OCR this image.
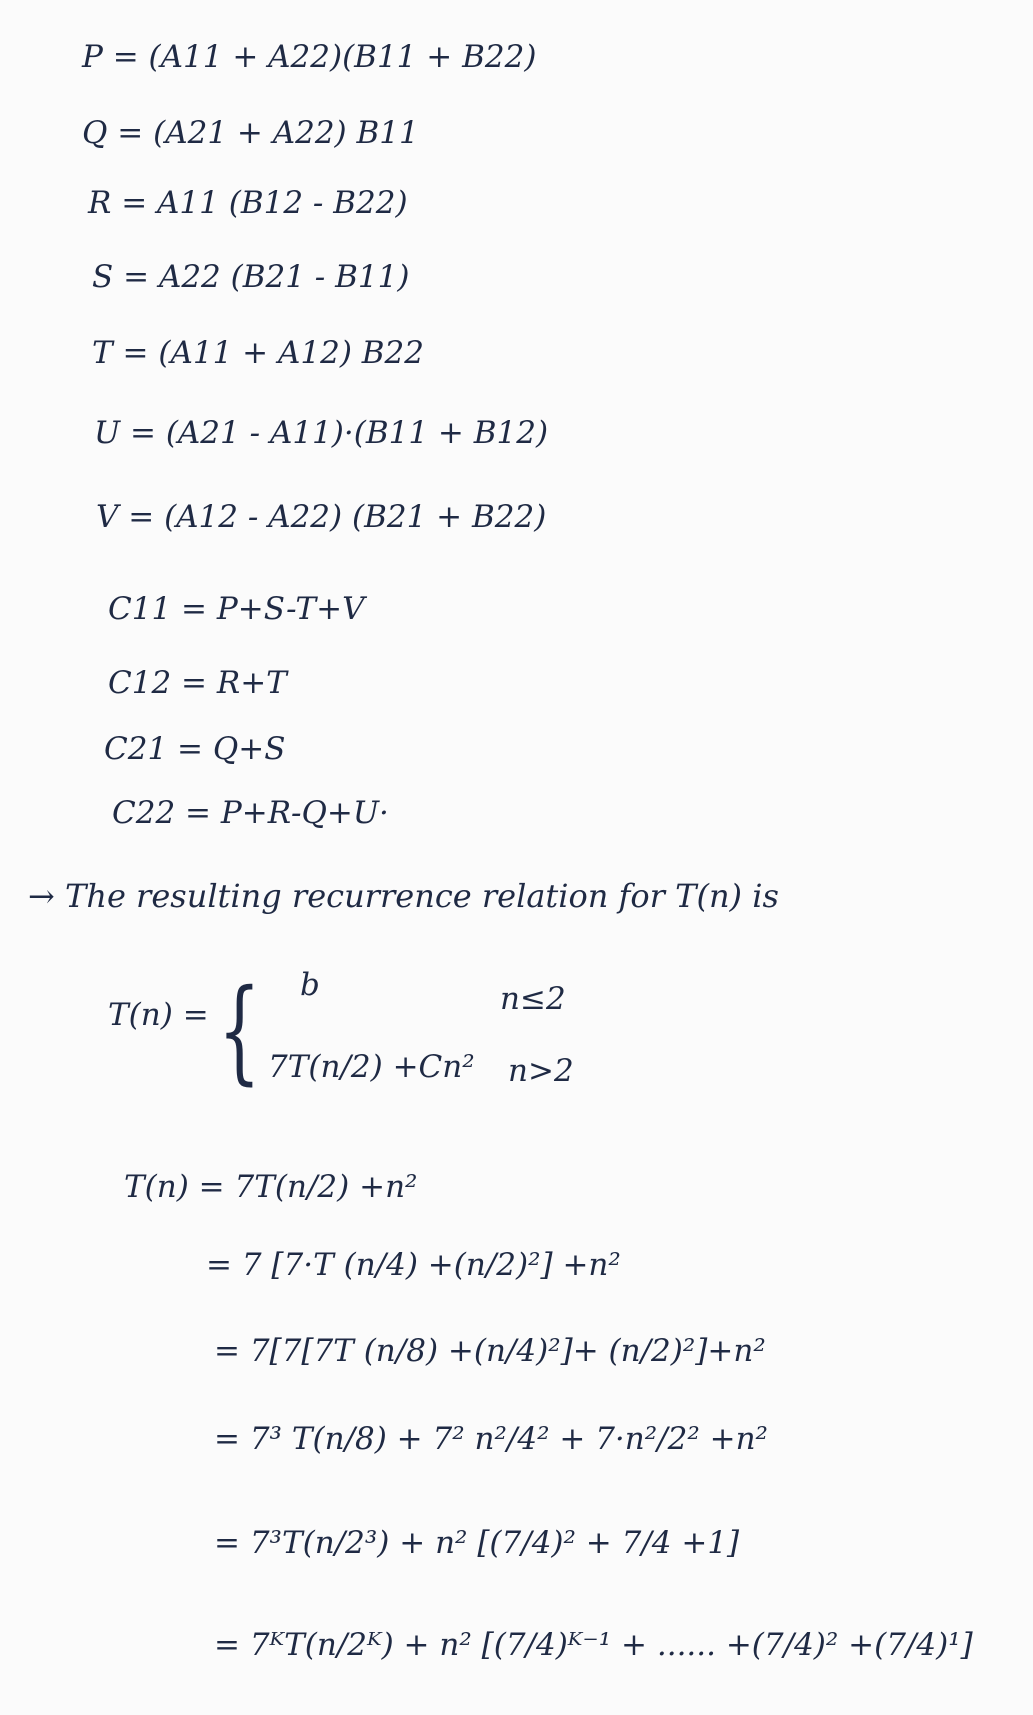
P = (A11 + A22)(B11 + B22)
Q = (A21 + A22) B11
R = A11 (B12 - B22)
S = A22 (B21 - B11)
T = (A11 + A12) B22
U = (A21 - A11)·(B11 + B12)
V = (A12 - A22) (B21 + B22)
C11 = P+S-T+V
C12 = R+T
C21 = Q+S
C22 = P+R-Q+U·
→ The resulting recurrence relation for T(n) is
T(n) = { b	n≤2
7T(n/2) +Cn² n>2
T(n) = 7T(n/2) +n²
= 7 [7·T (n/4) +(n/2)²] +n²
= 7[7[7T (n/8) +(n/4)²]+ (n/2)²]+n²
= 7³ T(n/8) + 7² n²/4² + 7·n²/2² +n²
= 7³T(n/2³) + n² [(7/4)² + 7/4 +1]
= 7ᴷT(n/2ᴷ) + n² [(7/4)ᴷ⁻¹ + ...... +(7/4)² +(7/4)¹]
